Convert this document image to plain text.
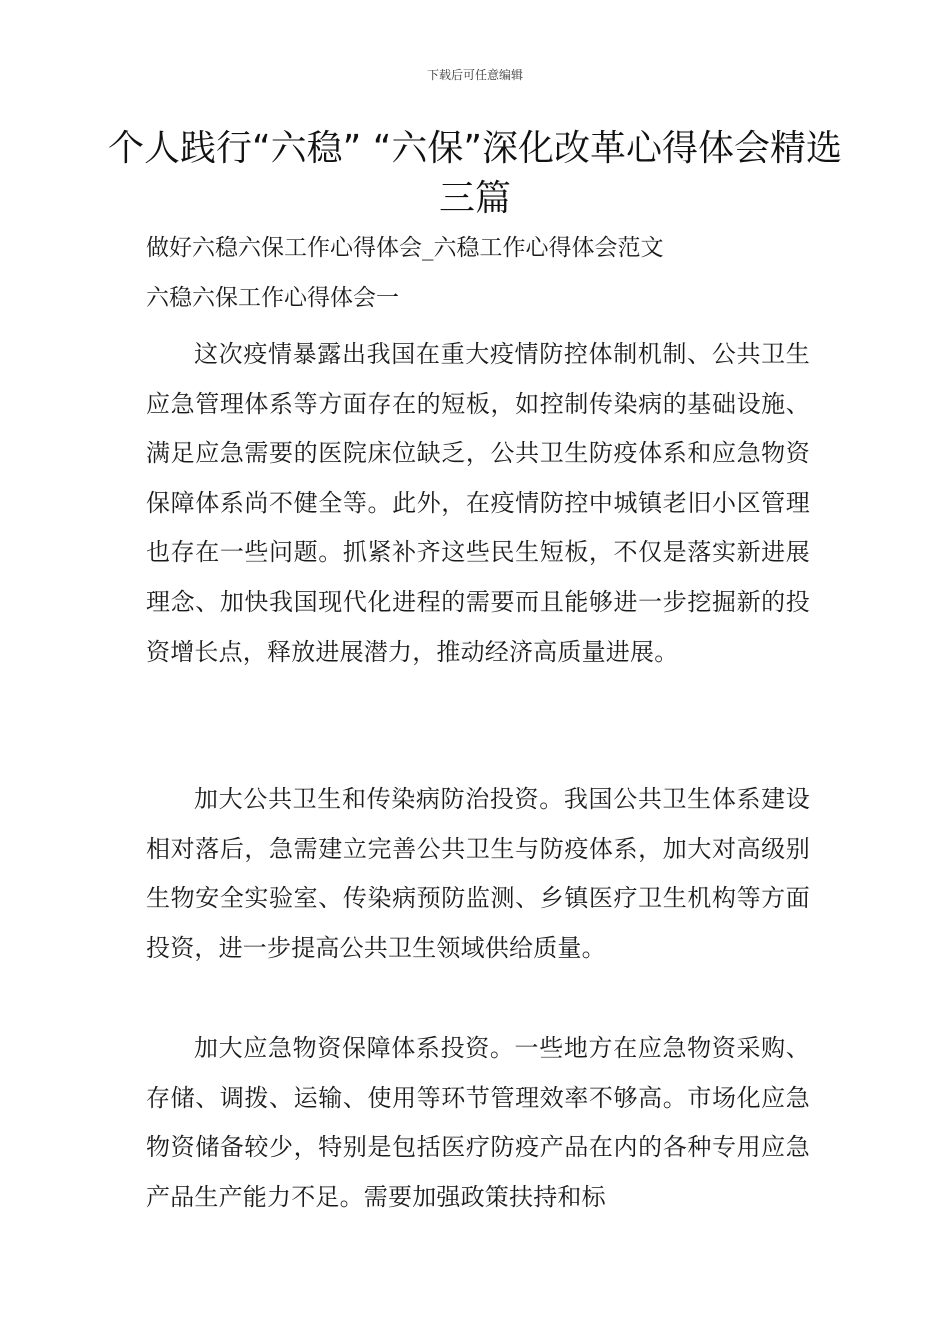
下载后可任意编辑
个人践行“六稳” “六保”深化改革心得体会精选三篇
做好六稳六保工作心得体会_六稳工作心得体会范文
六稳六保工作心得体会一

这次疫情暴露出我国在重大疫情防控体制机制、公共卫生应急管理体系等方面存在的短板，如控制传染病的基础设施、满足应急需要的医院床位缺乏，公共卫生防疫体系和应急物资保障体系尚不健全等。此外，在疫情防控中城镇老旧小区管理也存在一些问题。抓紧补齐这些民生短板，不仅是落实新进展理念、加快我国现代化进程的需要而且能够进一步挖掘新的投资增长点，释放进展潜力，推动经济高质量进展。

加大公共卫生和传染病防治投资。我国公共卫生体系建设相对落后，急需建立完善公共卫生与防疫体系，加大对高级别生物安全实验室、传染病预防监测、乡镇医疗卫生机构等方面投资，进一步提高公共卫生领域供给质量。

加大应急物资保障体系投资。一些地方在应急物资采购、存储、调拨、运输、使用等环节管理效率不够高。市场化应急物资储备较少，特别是包括医疗防疫产品在内的各种专用应急产品生产能力不足。需要加强政策扶持和标
